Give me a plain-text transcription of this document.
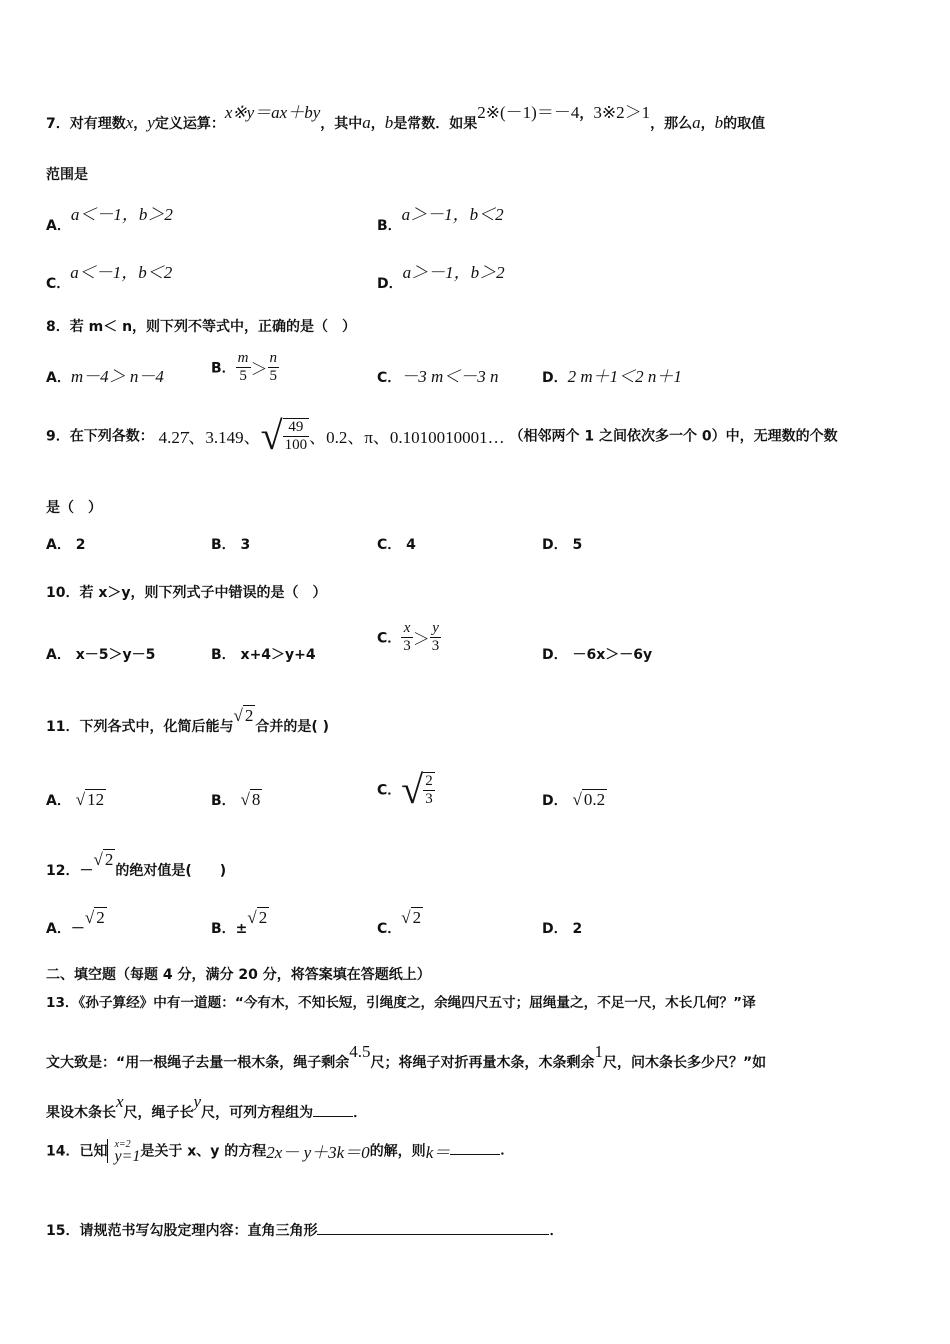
7．对有理数x，y定义运算：x※y＝ax＋by，其中a，b是常数．如果2※(－1)＝－4，3※2＞1，那么a，b的取值
范围是
A．a＜－1，b＞2
B．a＞－1，b＜2
C．a＜－1，b＜2
D．a＞－1，b＞2
8．若 m＜ n，则下列不等式中，正确的是（　）
A．m－4＞ n－4	B． $\frac{m}{5} > \frac{n}{5}$	C．－3 m＜－3 n	D．2 m＋1＜2 n＋1
9．在下列各数： 4.27̇、3.149、√ $\frac{49}{100}$ 、0.2、π、0.1010010001… （相邻两个 1 之间依次多一个 0）中，无理数的个数
是（　）
A． 2	B． 3	C． 4	D． 5
10．若 x＞y，则下列式子中错误的是（　）
A． x－5＞y－5	B． x+4＞y+4
C． $\frac{x}{3} > \frac{y}{3}$	D． －6x＞－6y
11．下列各式中，化简后能与√ 2合并的是( )
A． √ 12	B． √ 8	C．√ $\frac{2}{3}$	D． √ 0.2
12．－√ 2的绝对值是(　　)
A．－√ 2
B．±√ 2
C．√ 2
D． 2
二、填空题（每题 4 分，满分 20 分，将答案填在答题纸上）
13．《孙子算经》中有一道题：“今有木，不知长短，引绳度之，余绳四尺五寸；屈绳量之，不足一尺，木长几何？”译
文大致是：“用一根绳子去量一根木条，绳子剩余4.5尺；将绳子对折再量木条，木条剩余1尺，问木条长多少尺？”如
果设木条长x尺，绳子长y尺，可列方程组为	．
14．已知 x=2
y=1 是关于 x、y 的方程2x－ y＋3k＝0的解，则k＝	．
15．请规范书写勾股定理内容：直角三角形	．
